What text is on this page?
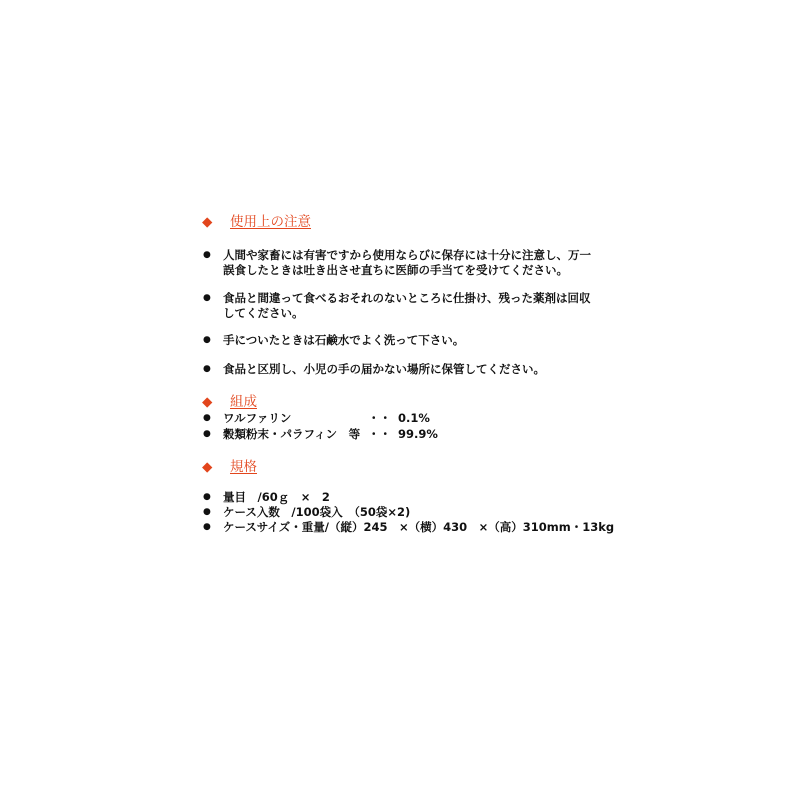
◆ 使用上の注意
● 人間や家畜には有害ですから使用ならびに保存には十分に注意し、万一
誤食したときは吐き出させ直ちに医師の手当てを受けてください。
● 食品と間違って食べるおそれのないところに仕掛け、残った薬剤は回収
してください。
● 手についたときは石鹸水でよく洗って下さい。
● 食品と区別し、小児の手の届かない場所に保管してください。
◆ 組成
● ワルファリン	・・ 0.1%
● 穀類粉末・パラフィン　等 ・・ 99.9%
◆ 規格
● 量目　/60ｇ　×　2
● ケース入数　/100袋入　（50袋×2)
● ケースサイズ・重量/（縦）245　×（横）430　×（高）310mm・13kg
